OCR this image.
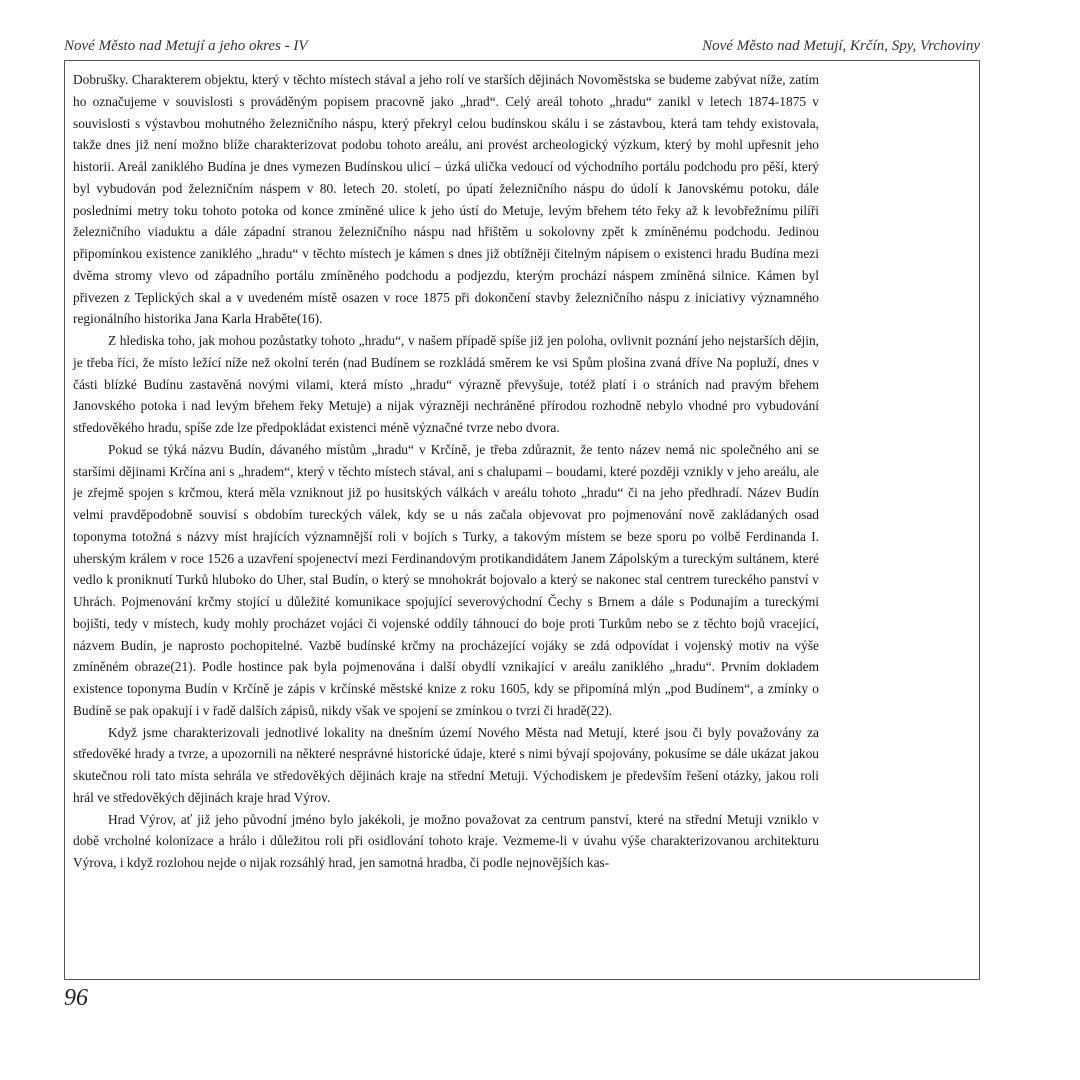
Nové Město nad Metují a jeho okres - IV	Nové Město nad Metují, Krčín, Spy, Vrchoviny

Dobrušky. Charakterem objektu, který v těchto místech stával a jeho rolí ve starších dějinách Novoměstska se budeme zabývat níže, zatím ho označujeme v souvislosti s prováděným popisem pracovně jako „hrad“. Celý areál tohoto „hradu“ zanikl v letech 1874-1875 v souvislosti s výstavbou mohutného železničního náspu, který překryl celou budínskou skálu i se zástavbou, která tam tehdy existovala, takže dnes již není možno blíže charakterizovat podobu tohoto areálu, ani provést archeologický výzkum, který by mohl upřesnit jeho historii. Areál zaniklého Budína je dnes vymezen Budínskou ulicí – úzká ulička vedoucí od východního portálu podchodu pro pěší, který byl vybudován pod železničním náspem v 80. letech 20. století, po úpatí železničního náspu do údolí k Janovskému potoku, dále posledními metry toku tohoto potoka od konce zmíněné ulice k jeho ústí do Metuje, levým břehem této řeky až k levobřežnímu pilíři železničního viaduktu a dále západní stranou železničního náspu nad hřištěm u sokolovny zpět k zmíněnému podchodu. Jedinou připomínkou existence zaniklého „hradu“ v těchto místech je kámen s dnes již obtížněji čitelným nápisem o existenci hradu Budína mezi dvěma stromy vlevo od západního portálu zmíněného podchodu a podjezdu, kterým prochází náspem zmíněná silnice. Kámen byl přivezen z Teplických skal a v uvedeném místě osazen v roce 1875 při dokončení stavby železničního náspu z iniciativy významného regionálního historika Jana Karla Hraběte(16).

Z hlediska toho, jak mohou pozůstatky tohoto „hradu“, v našem případě spíše již jen poloha, ovlivnit poznání jeho nejstarších dějin, je třeba říci, že místo ležící níže než okolní terén (nad Budínem se rozkládá směrem ke vsi Spům plošina zvaná dříve Na popluží, dnes v části blízké Budínu zastavěná novými vilami, která místo „hradu“ výrazně převyšuje, totéž platí i o stráních nad pravým břehem Janovského potoka i nad levým břehem řeky Metuje) a nijak výrazněji nechráněné přírodou rozhodně nebylo vhodné pro vybudování středověkého hradu, spíše zde lze předpokládat existenci méně význačné tvrze nebo dvora.

Pokud se týká názvu Budín, dávaného místům „hradu“ v Krčíně, je třeba zdůraznit, že tento název nemá nic společného ani se staršími dějinami Krčína ani s „hradem“, který v těchto místech stával, ani s chalupami – boudami, které později vznikly v jeho areálu, ale je zřejmě spojen s krčmou, která měla vzniknout již po husitských válkách v areálu tohoto „hradu“ či na jeho předhradí. Název Budín velmi pravděpodobně souvisí s obdobím tureckých válek, kdy se u nás začala objevovat pro pojmenování nově zakládaných osad toponyma totožná s názvy míst hrajících významnější roli v bojích s Turky, a takovým místem se beze sporu po volbě Ferdinanda I. uherským králem v roce 1526 a uzavření spojenectví mezi Ferdinandovým protikandidátem Janem Zápolským a tureckým sultánem, které vedlo k proniknutí Turků hluboko do Uher, stal Budín, o který se mnohokrát bojovalo a který se nakonec stal centrem tureckého panství v Uhrách. Pojmenování krčmy stojící u důležité komunikace spojující severovýchodní Čechy s Brnem a dále s Podunajím a tureckými bojišti, tedy v místech, kudy mohly procházet vojáci či vojenské oddíly táhnoucí do boje proti Turkům nebo se z těchto bojů vracející, názvem Budín, je naprosto pochopitelné. Vazbě budínské krčmy na procházející vojáky se zdá odpovídat i vojenský motiv na výše zmíněném obraze(21). Podle hostince pak byla pojmenována i další obydlí vznikající v areálu zaniklého „hradu“. Prvním dokladem existence toponyma Budín v Krčíně je zápis v krčínské městské knize z roku 1605, kdy se připomíná mlýn „pod Budínem“, a zmínky o Budíně se pak opakují i v řadě dalších zápisů, nikdy však ve spojení se zmínkou o tvrzi či hradě(22).

Když jsme charakterizovali jednotlivé lokality na dnešním území Nového Města nad Metují, které jsou či byly považovány za středověké hrady a tvrze, a upozornili na některé nesprávné historické údaje, které s nimi bývají spojovány, pokusíme se dále ukázat jakou skutečnou roli tato místa sehrála ve středověkých dějinách kraje na střední Metuji. Východiskem je především řešení otázky, jakou roli hrál ve středověkých dějinách kraje hrad Výrov.

Hrad Výrov, ať již jeho původní jméno bylo jakékoli, je možno považovat za centrum panství, které na střední Metuji vzniklo v době vrcholné kolonizace a hrálo i důležitou roli při osidlování tohoto kraje. Vezmeme-li v úvahu výše charakterizovanou architekturu Výrova, i když rozlohou nejde o nijak rozsáhlý hrad, jen samotná hradba, či podle nejnovějších kas-

96
